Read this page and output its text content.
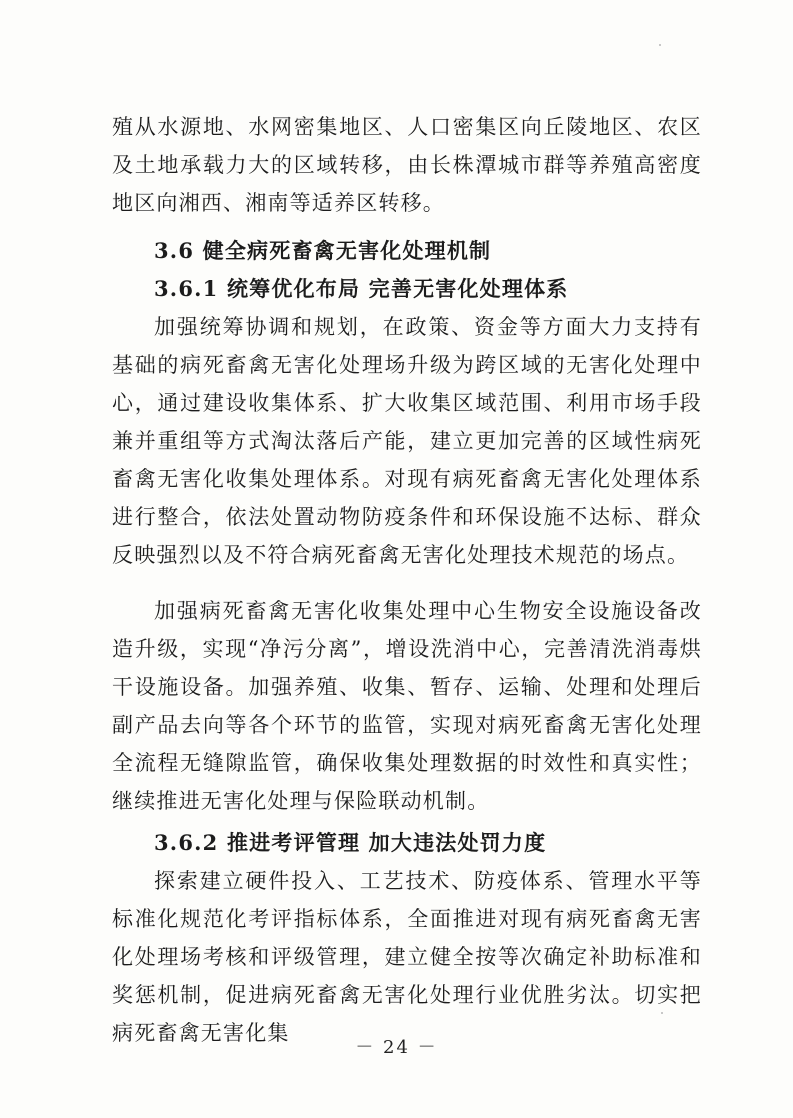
殖从水源地、水网密集地区、人口密集区向丘陵地区、农区及土地承载力大的区域转移，由长株潭城市群等养殖高密度地区向湘西、湘南等适养区转移。

3.6 健全病死畜禽无害化处理机制

3.6.1 统筹优化布局 完善无害化处理体系

加强统筹协调和规划，在政策、资金等方面大力支持有基础的病死畜禽无害化处理场升级为跨区域的无害化处理中心，通过建设收集体系、扩大收集区域范围、利用市场手段兼并重组等方式淘汰落后产能，建立更加完善的区域性病死畜禽无害化收集处理体系。对现有病死畜禽无害化处理体系进行整合，依法处置动物防疫条件和环保设施不达标、群众反映强烈以及不符合病死畜禽无害化处理技术规范的场点。

加强病死畜禽无害化收集处理中心生物安全设施设备改造升级，实现“净污分离”，增设洗消中心，完善清洗消毒烘干设施设备。加强养殖、收集、暂存、运输、处理和处理后副产品去向等各个环节的监管，实现对病死畜禽无害化处理全流程无缝隙监管，确保收集处理数据的时效性和真实性；继续推进无害化处理与保险联动机制。

3.6.2 推进考评管理 加大违法处罚力度

探索建立硬件投入、工艺技术、防疫体系、管理水平等标准化规范化考评指标体系，全面推进对现有病死畜禽无害化处理场考核和评级管理，建立健全按等次确定补助标准和奖惩机制，促进病死畜禽无害化处理行业优胜劣汰。切实把病死畜禽无害化集

－ 24 －
